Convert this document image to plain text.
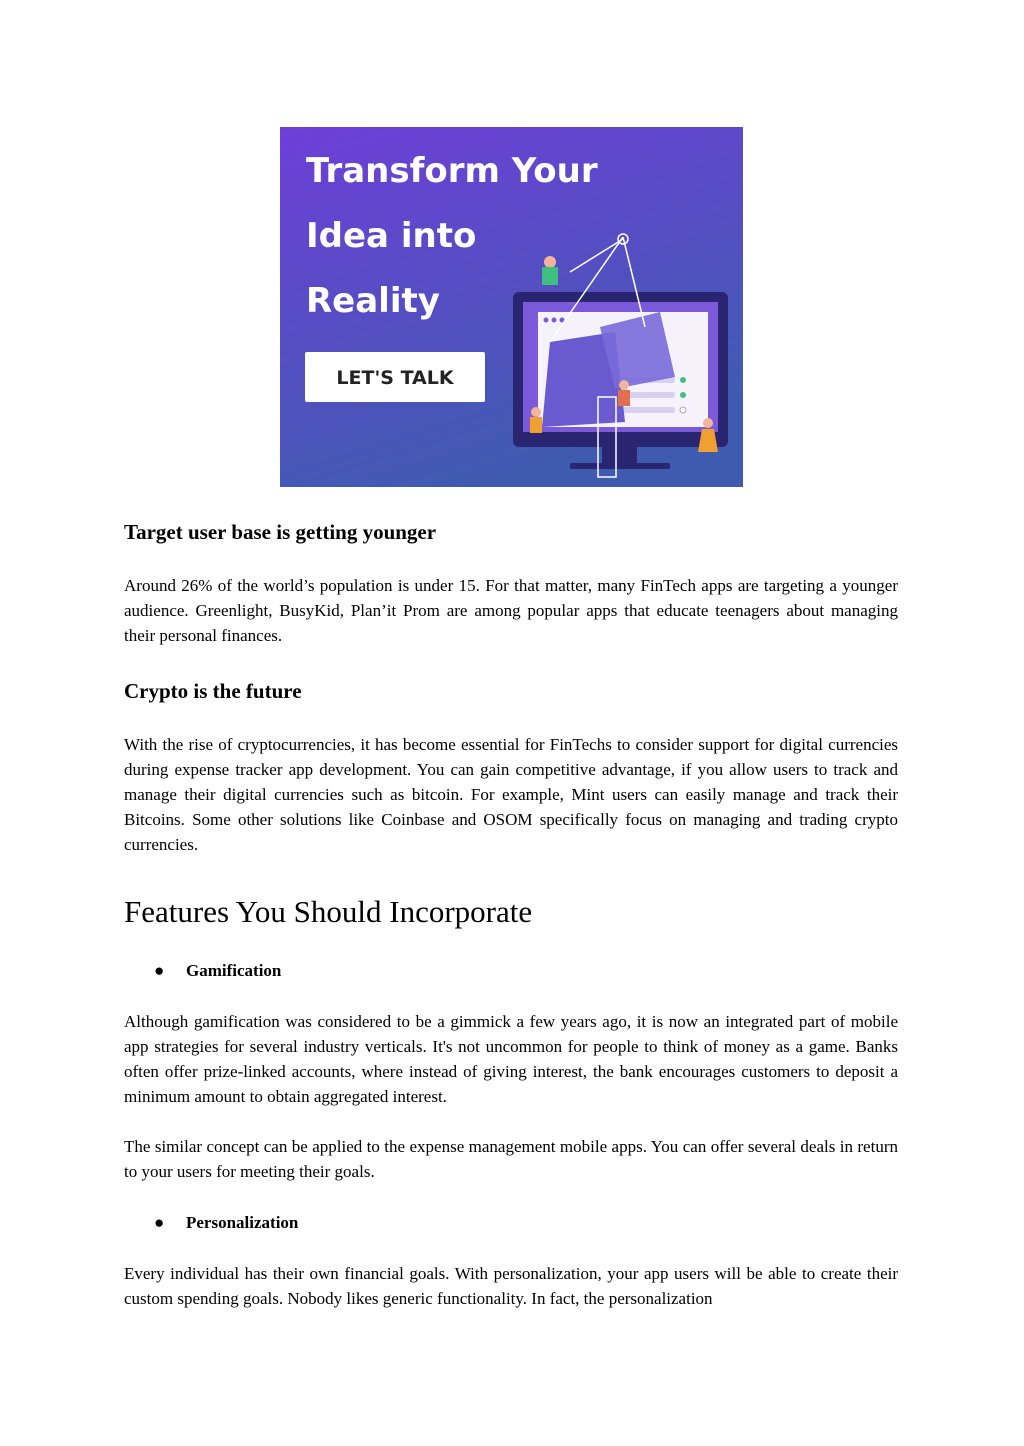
Transform Your
Idea into
Reality
LET'S TALK
Target user base is getting younger

Around 26% of the world’s population is under 15. For that matter, many FinTech apps are targeting a younger audience. Greenlight, BusyKid, Plan’it Prom are among popular apps that educate teenagers about managing their personal finances.

Crypto is the future

With the rise of cryptocurrencies, it has become essential for FinTechs to consider support for digital currencies during expense tracker app development. You can gain competitive advantage, if you allow users to track and manage their digital currencies such as bitcoin. For example, Mint users can easily manage and track their Bitcoins. Some other solutions like Coinbase and OSOM specifically focus on managing and trading crypto currencies.

Features You Should Incorporate
●	Gamification

Although gamification was considered to be a gimmick a few years ago, it is now an integrated part of mobile app strategies for several industry verticals. It's not uncommon for people to think of money as a game. Banks often offer prize-linked accounts, where instead of giving interest, the bank encourages customers to deposit a minimum amount to obtain aggregated interest.

The similar concept can be applied to the expense management mobile apps. You can offer several deals in return to your users for meeting their goals.

●	Personalization

Every individual has their own financial goals. With personalization, your app users will be able to create their custom spending goals. Nobody likes generic functionality. In fact, the personalization
